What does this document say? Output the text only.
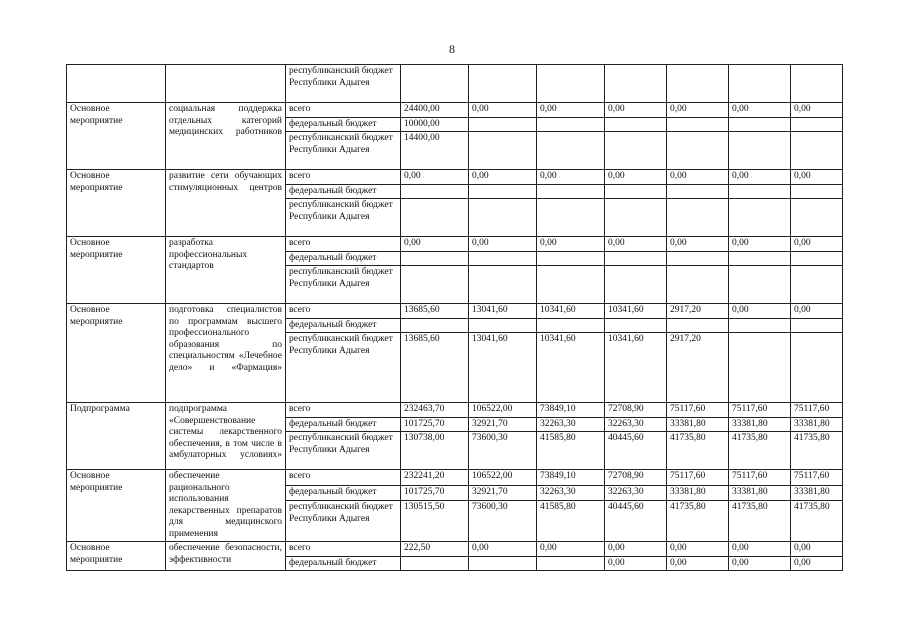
8
		республиканский бюджет Республики Адыгея							
Основное мероприятие	социальная поддержка отдельных категорий медицинских работников	всего	24400,00	0,00	0,00	0,00	0,00	0,00	0,00
		федеральный бюджет	10000,00						
		республиканский бюджет Республики Адыгея	14400,00						
Основное мероприятие	развитие сети обучающих стимуляционных центров	всего	0,00	0,00	0,00	0,00	0,00	0,00	0,00
		федеральный бюджет							
		республиканский бюджет Республики Адыгея							
Основное мероприятие	разработка профессиональных стандартов	всего	0,00	0,00	0,00	0,00	0,00	0,00	0,00
		федеральный бюджет							
		республиканский бюджет Республики Адыгея							
Основное мероприятие	подготовка специалистов по программам высшего профессионального образования по специальностям «Лечебное дело» и «Фармация»	всего	13685,60	13041,60	10341,60	10341,60	2917,20	0,00	0,00
		федеральный бюджет							
		республиканский бюджет Республики Адыгея	13685,60	13041,60	10341,60	10341,60	2917,20		
Подпрограмма	подпрограмма «Совершенствование системы лекарственного обеспечения, в том числе в амбулаторных условиях»	всего	232463,70	106522,00	73849,10	72708,90	75117,60	75117,60	75117,60
		федеральный бюджет	101725,70	32921,70	32263,30	32263,30	33381,80	33381,80	33381,80
		республиканский бюджет Республики Адыгея	130738,00	73600,30	41585,80	40445,60	41735,80	41735,80	41735,80
Основное мероприятие	обеспечение рационального использования лекарственных препаратов для медицинского применения	всего	232241,20	106522,00	73849,10	72708,90	75117,60	75117,60	75117,60
		федеральный бюджет	101725,70	32921,70	32263,30	32263,30	33381,80	33381,80	33381,80
		республиканский бюджет Республики Адыгея	130515,50	73600,30	41585,80	40445,60	41735,80	41735,80	41735,80
Основное мероприятие	обеспечение безопасности, эффективности	всего	222,50	0,00	0,00	0,00	0,00	0,00	0,00
		федеральный бюджет				0,00	0,00	0,00	0,00
